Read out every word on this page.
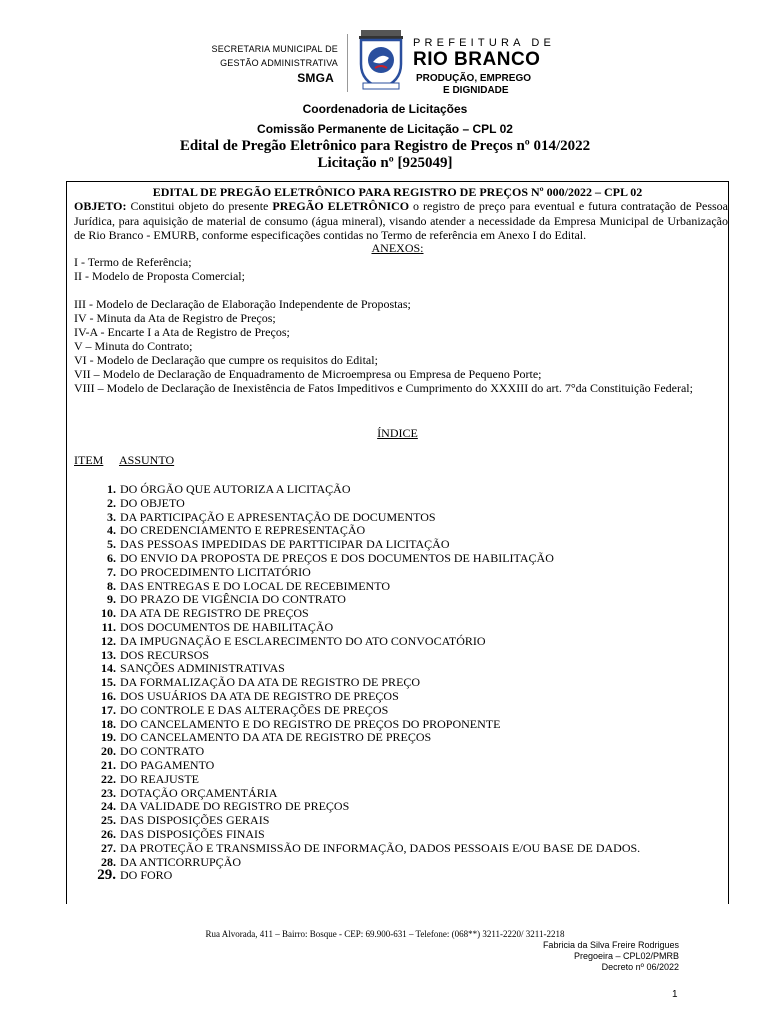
SECRETARIA MUNICIPAL DE
GESTÃO ADMINISTRATIVA
SMGA
PREFEITURA DE
RIO BRANCO
PRODUÇÃO, EMPREGO
E DIGNIDADE
Coordenadoria de Licitações
Comissão Permanente de Licitação – CPL 02
Edital de Pregão Eletrônico para Registro de Preços nº 014/2022
Licitação nº [925049]
EDITAL DE PREGÃO ELETRÔNICO PARA REGISTRO DE PREÇOS Nº 000/2022 – CPL 02
OBJETO: Constitui objeto do presente PREGÃO ELETRÔNICO o registro de preço para eventual e futura contratação de Pessoa Jurídica, para aquisição de material de consumo (água mineral), visando atender a necessidade da Empresa Municipal de Urbanização de Rio Branco - EMURB, conforme especificações contidas no Termo de referência em Anexo I do Edital.
ANEXOS:
I - Termo de Referência;
II - Modelo de Proposta Comercial;
III - Modelo de Declaração de Elaboração Independente de Propostas;
IV - Minuta da Ata de Registro de Preços;
IV-A - Encarte I a Ata de Registro de Preços;
V – Minuta do Contrato;
VI - Modelo de Declaração que cumpre os requisitos do Edital;
VII – Modelo de Declaração de Enquadramento de Microempresa ou Empresa de Pequeno Porte;
VIII – Modelo de Declaração de Inexistência de Fatos Impeditivos e Cumprimento do XXXIII do art. 7°da Constituição Federal;
ÍNDICE
ITEM ASSUNTO
1. DO ÓRGÃO QUE AUTORIZA A LICITAÇÃO
2. DO OBJETO
3. DA PARTICIPAÇÃO E APRESENTAÇÃO DE DOCUMENTOS
4. DO CREDENCIAMENTO E REPRESENTAÇÃO
5. DAS PESSOAS IMPEDIDAS DE PARTTICIPAR DA LICITAÇÃO
6. DO ENVIO DA PROPOSTA DE PREÇOS E DOS DOCUMENTOS DE HABILITAÇÃO
7. DO PROCEDIMENTO LICITATÓRIO
8. DAS ENTREGAS E DO LOCAL DE RECEBIMENTO
9. DO PRAZO DE VIGÊNCIA DO CONTRATO
10. DA ATA DE REGISTRO DE PREÇOS
11. DOS DOCUMENTOS DE HABILITAÇÃO
12. DA IMPUGNAÇÃO E ESCLARECIMENTO DO ATO CONVOCATÓRIO
13. DOS RECURSOS
14. SANÇÕES ADMINISTRATIVAS
15. DA FORMALIZAÇÃO DA ATA DE REGISTRO DE PREÇO
16. DOS USUÁRIOS DA ATA DE REGISTRO DE PREÇOS
17. DO CONTROLE E DAS ALTERAÇÕES DE PREÇOS
18. DO CANCELAMENTO E DO REGISTRO DE PREÇOS DO PROPONENTE
19. DO CANCELAMENTO DA ATA DE REGISTRO DE PREÇOS
20. DO CONTRATO
21. DO PAGAMENTO
22. DO REAJUSTE
23. DOTAÇÃO ORÇAMENTÁRIA
24. DA VALIDADE DO REGISTRO DE PREÇOS
25. DAS DISPOSIÇÕES GERAIS
26. DAS DISPOSIÇÕES FINAIS
27. DA PROTEÇÃO E TRANSMISSÃO DE INFORMAÇÃO, DADOS PESSOAIS E/OU BASE DE DADOS.
28. DA ANTICORRUPÇÃO
29. DO FORO
Rua Alvorada, 411 – Bairro: Bosque - CEP: 69.900-631 – Telefone: (068**) 3211-2220/ 3211-2218
Fabricia da Silva Freire Rodrigues
Pregoeira – CPL02/PMRB
Decreto nº 06/2022
1
